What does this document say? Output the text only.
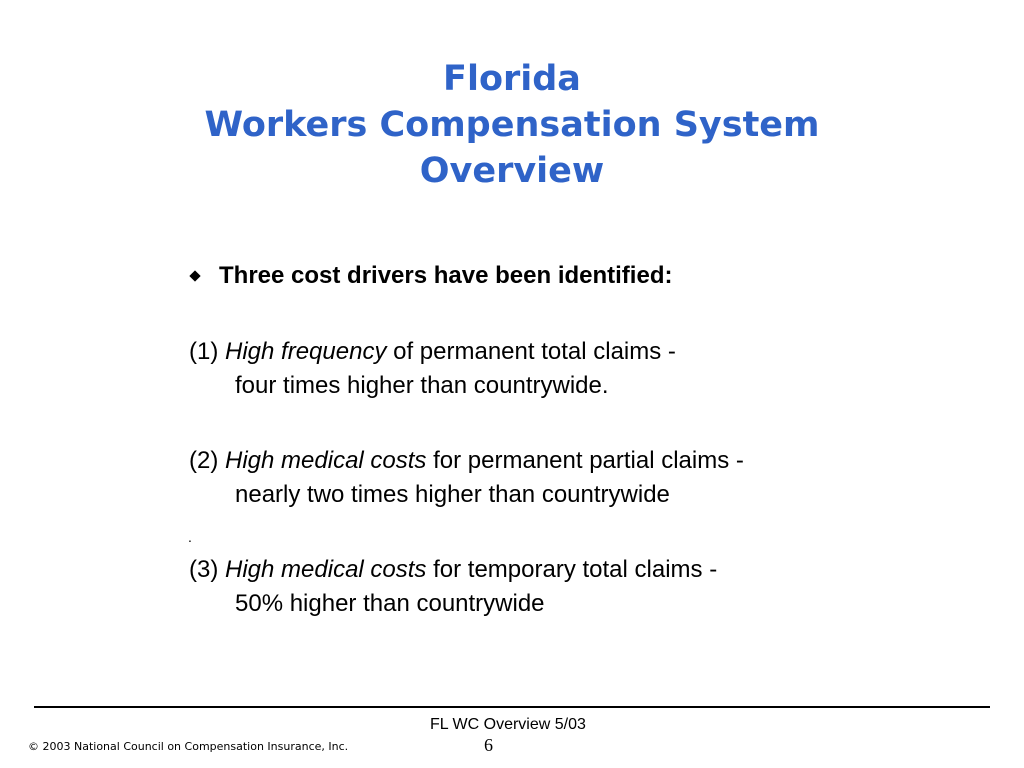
Florida
Workers Compensation System
Overview
Three cost drivers have been identified:
(1) High frequency of permanent total claims -
four times higher than countrywide.
(2) High medical costs for permanent partial claims -
nearly two times higher than countrywide
.
(3) High medical costs for temporary total claims -
50% higher than countrywide
FL WC Overview 5/03
6
© 2003 National Council on Compensation Insurance, Inc.
